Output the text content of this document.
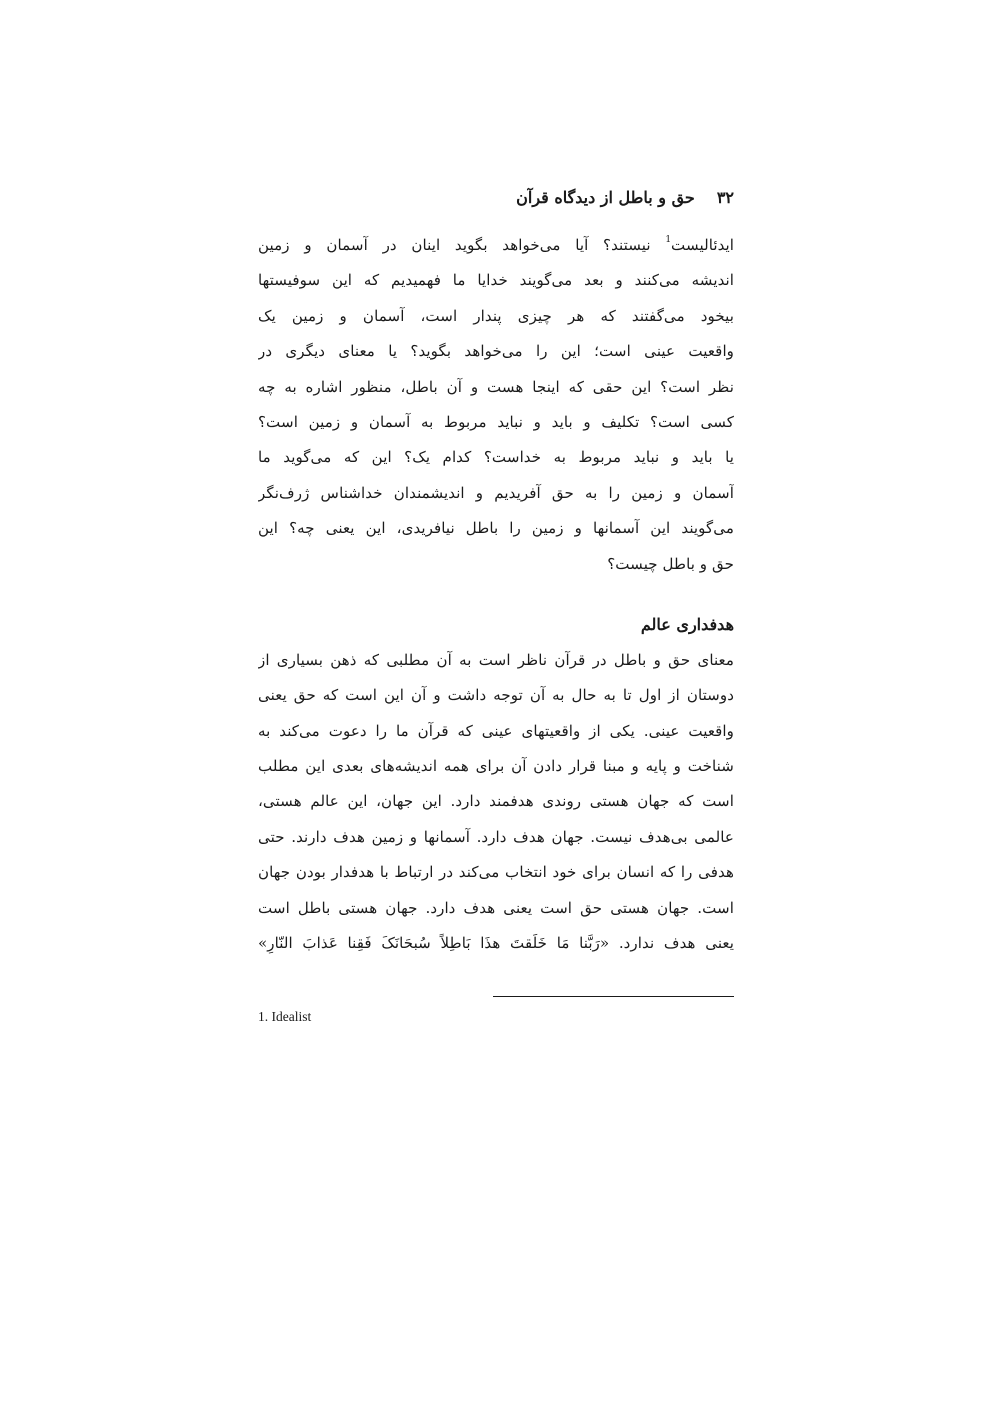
۳۲
حق و باطل از دیدگاه قرآن
ایدئالیست$^1$ نیستند؟ آیا می‌خواهد بگوید اینان در آسمان و زمین
اندیشه می‌کنند و بعد می‌گویند خدایا ما فهمیدیم که این سوفیستها
بیخود می‌گفتند که هر چیزی پندار است، آسمان و زمین یک
واقعیت عینی است؛ این را می‌خواهد بگوید؟ یا معنای دیگری در
نظر است؟ این حقی که اینجا هست و آن باطل، منظور اشاره به چه
کسی است؟ تکلیف و باید و نباید مربوط به آسمان و زمین است؟
یا باید و نباید مربوط به خداست؟ کدام یک؟ این که می‌گوید ما
آسمان و زمین را به حق آفریدیم و اندیشمندان خداشناس ژرف‌نگر
می‌گویند این آسمانها و زمین را باطل نیافریدی، این یعنی چه؟ این
حق و باطل چیست؟
هدفداری عالم
معنای حق و باطل در قرآن ناظر است به آن مطلبی که ذهن بسیاری از
دوستان از اول تا به حال به آن توجه داشت و آن این است که حق یعنی
واقعیت عینی. یکی از واقعیتهای عینی که قرآن ما را دعوت می‌کند به
شناخت و پایه و مبنا قرار دادن آن برای همه اندیشه‌های بعدی این مطلب
است که جهان هستی روندی هدفمند دارد. این جهان، این عالم هستی،
عالمی بی‌هدف نیست. جهان هدف دارد. آسمانها و زمین هدف دارند. حتی
هدفی را که انسان برای خود انتخاب می‌کند در ارتباط با هدفدار بودن جهان
است. جهان هستی حق است یعنی هدف دارد. جهان هستی باطل است
یعنی هدف ندارد. «رَبَّنا مَا خَلَقتَ هذَا بَاطِلاً سُبحَانَکَ فَقِنا عَذابَ النّارِ»
1. Idealist
